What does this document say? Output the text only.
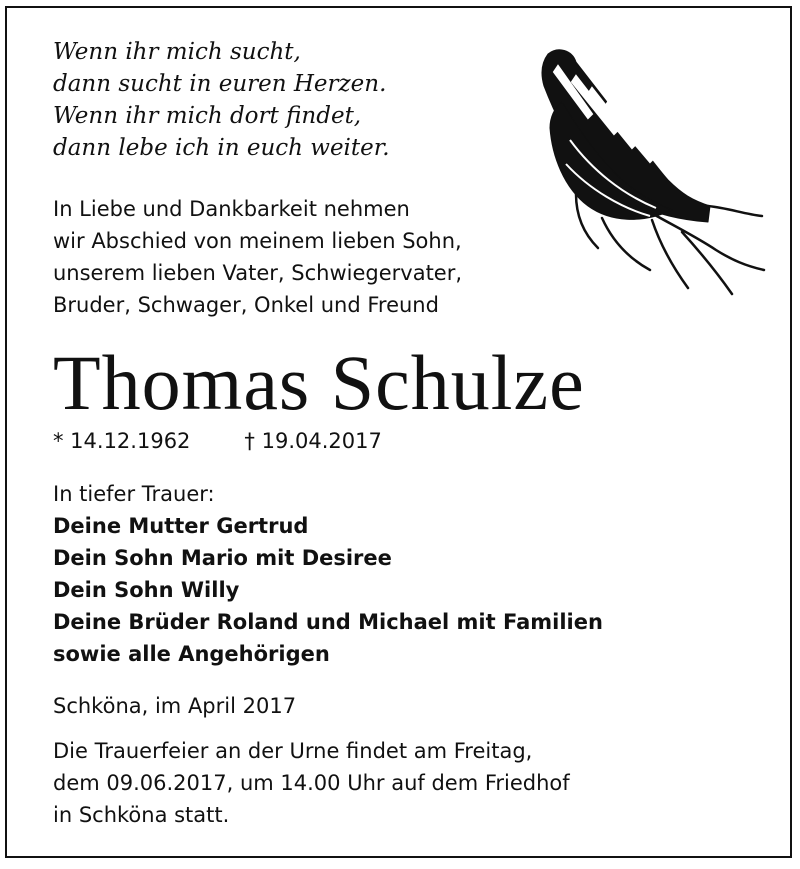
Wenn ihr mich sucht,
dann sucht in euren Herzen.
Wenn ihr mich dort findet,
dann lebe ich in euch weiter.
In Liebe und Dankbarkeit nehmen
wir Abschied von meinem lieben Sohn,
unserem lieben Vater, Schwiegervater,
Bruder, Schwager, Onkel und Freund
Thomas Schulze
* 14.12.1962	† 19.04.2017
In tiefer Trauer:
Deine Mutter Gertrud
Dein Sohn Mario mit Desiree
Dein Sohn Willy
Deine Brüder Roland und Michael mit Familien
sowie alle Angehörigen
Schköna, im April 2017
Die Trauerfeier an der Urne findet am Freitag,
dem 09.06.2017, um 14.00 Uhr auf dem Friedhof
in Schköna statt.
